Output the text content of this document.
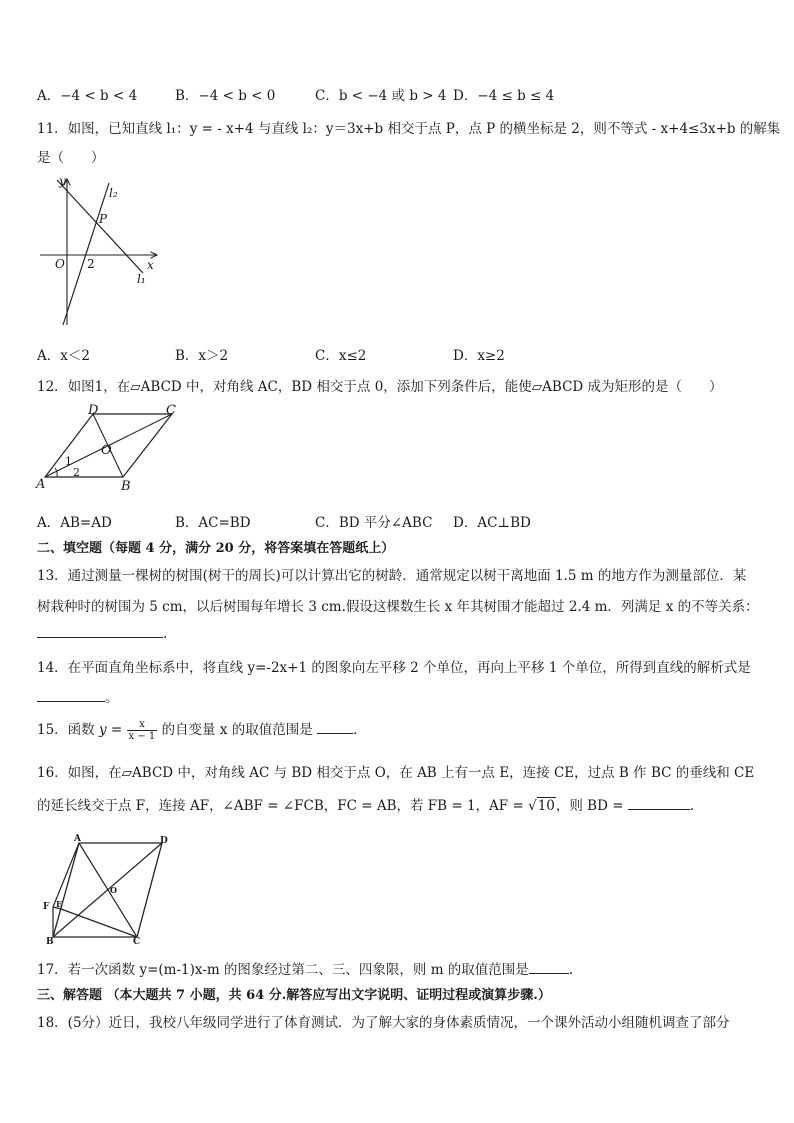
A．−4 < b < 4	B．−4 < b < 0	C．b < −4 或 b > 4 D．−4 ≤ b ≤ 4
11．如图，已知直线 l₁：y = - x+4 与直线 l₂：y＝3x+b 相交于点 P，点 P 的横坐标是 2，则不等式 - x+4≤3x+b 的解集
是（　　）
y
x
O 2
P
l₁
l₂
A．x＜2	B．x＞2	C．x≤2	D．x≥2
12．如图1，在▱ABCD 中，对角线 AC，BD 相交于点 0，添加下列条件后，能使▱ABCD 成为矩形的是（　　）
A	B
C
D
O
1
2
A．AB=AD	B．AC=BD	C．BD 平分∠ABC D．AC⊥BD
二、填空题（每题 4 分，满分 20 分，将答案填在答题纸上）
13．通过测量一棵树的树围(树干的周长)可以计算出它的树龄．通常规定以树干离地面 1.5 m 的地方作为测量部位．某
树栽种时的树围为 5 cm，以后树围每年增长 3 cm.假设这棵数生长 x 年其树围才能超过 2.4 m．列满足 x 的不等关系：
.
14．在平面直角坐标系中，将直线 y=-2x+1 的图象向左平移 2 个单位，再向上平移 1 个单位，所得到直线的解析式是
。
15．函数 $y = \frac{x}{x - 1}$ 的自变量 x 的取值范围是	．
16．如图，在▱ABCD 中，对角线 AC 与 BD 相交于点 O，在 AB 上有一点 E，连接 CE，过点 B 作 BC 的垂线和 CE
的延长线交于点 F，连接 AF，∠ABF = ∠FCB，FC = AB，若 FB = 1，AF = √10，则 BD =	.
A	D
B	C
E
F
O
17．若一次函数 y=(m-1)x-m 的图象经过第二、三、四象限，则 m 的取值范围是	.
三、解答题 （本大题共 7 小题，共 64 分.解答应写出文字说明、证明过程或演算步骤.）
18．(5分）近日，我校八年级同学进行了体育测试．为了解大家的身体素质情况，一个课外活动小组随机调查了部分
